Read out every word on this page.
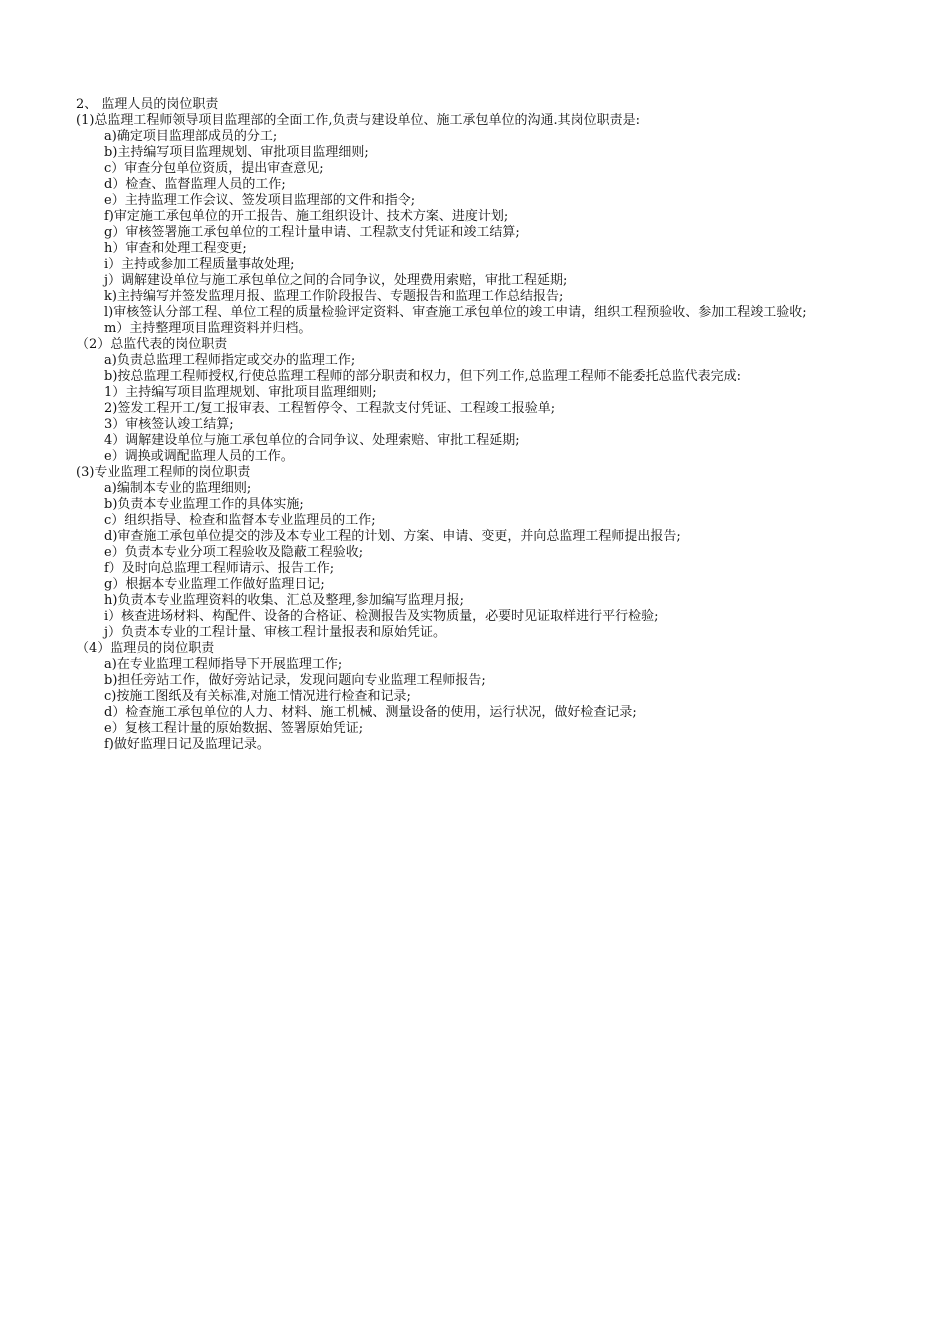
2、 监理人员的岗位职责
(1)总监理工程师领导项目监理部的全面工作,负责与建设单位、施工承包单位的沟通.其岗位职责是:
a)确定项目监理部成员的分工;
b)主持编写项目监理规划、审批项目监理细则;
c）审查分包单位资质，提出审查意见;
d）检查、监督监理人员的工作;
e）主持监理工作会议、签发项目监理部的文件和指令;
f)审定施工承包单位的开工报告、施工组织设计、技术方案、进度计划;
g）审核签署施工承包单位的工程计量申请、工程款支付凭证和竣工结算;
h）审查和处理工程变更;
i）主持或参加工程质量事故处理;
j）调解建设单位与施工承包单位之间的合同争议，处理费用索赔，审批工程延期;
k)主持编写并签发监理月报、监理工作阶段报告、专题报告和监理工作总结报告;
l)审核签认分部工程、单位工程的质量检验评定资料、审查施工承包单位的竣工申请，组织工程预验收、参加工程竣工验收;
m）主持整理项目监理资料并归档。
（2）总监代表的岗位职责
a)负责总监理工程师指定或交办的监理工作;
b)按总监理工程师授权,行使总监理工程师的部分职责和权力，但下列工作,总监理工程师不能委托总监代表完成:
1）主持编写项目监理规划、审批项目监理细则;
2)签发工程开工/复工报审表、工程暂停令、工程款支付凭证、工程竣工报验单;
3）审核签认竣工结算;
4）调解建设单位与施工承包单位的合同争议、处理索赔、审批工程延期;
e）调换或调配监理人员的工作。
(3)专业监理工程师的岗位职责
a)编制本专业的监理细则;
b)负责本专业监理工作的具体实施;
c）组织指导、检查和监督本专业监理员的工作;
d)审查施工承包单位提交的涉及本专业工程的计划、方案、申请、变更，并向总监理工程师提出报告;
e）负责本专业分项工程验收及隐蔽工程验收;
f）及时向总监理工程师请示、报告工作;
g）根据本专业监理工作做好监理日记;
h)负责本专业监理资料的收集、汇总及整理,参加编写监理月报;
i）核查进场材料、构配件、设备的合格证、检测报告及实物质量，必要时见证取样进行平行检验;
j）负责本专业的工程计量、审核工程计量报表和原始凭证。
（4）监理员的岗位职责
a)在专业监理工程师指导下开展监理工作;
b)担任旁站工作，做好旁站记录，发现问题向专业监理工程师报告;
c)按施工图纸及有关标准,对施工情况进行检查和记录;
d）检查施工承包单位的人力、材料、施工机械、测量设备的使用，运行状况，做好检查记录;
e）复核工程计量的原始数据、签署原始凭证;
f)做好监理日记及监理记录。
